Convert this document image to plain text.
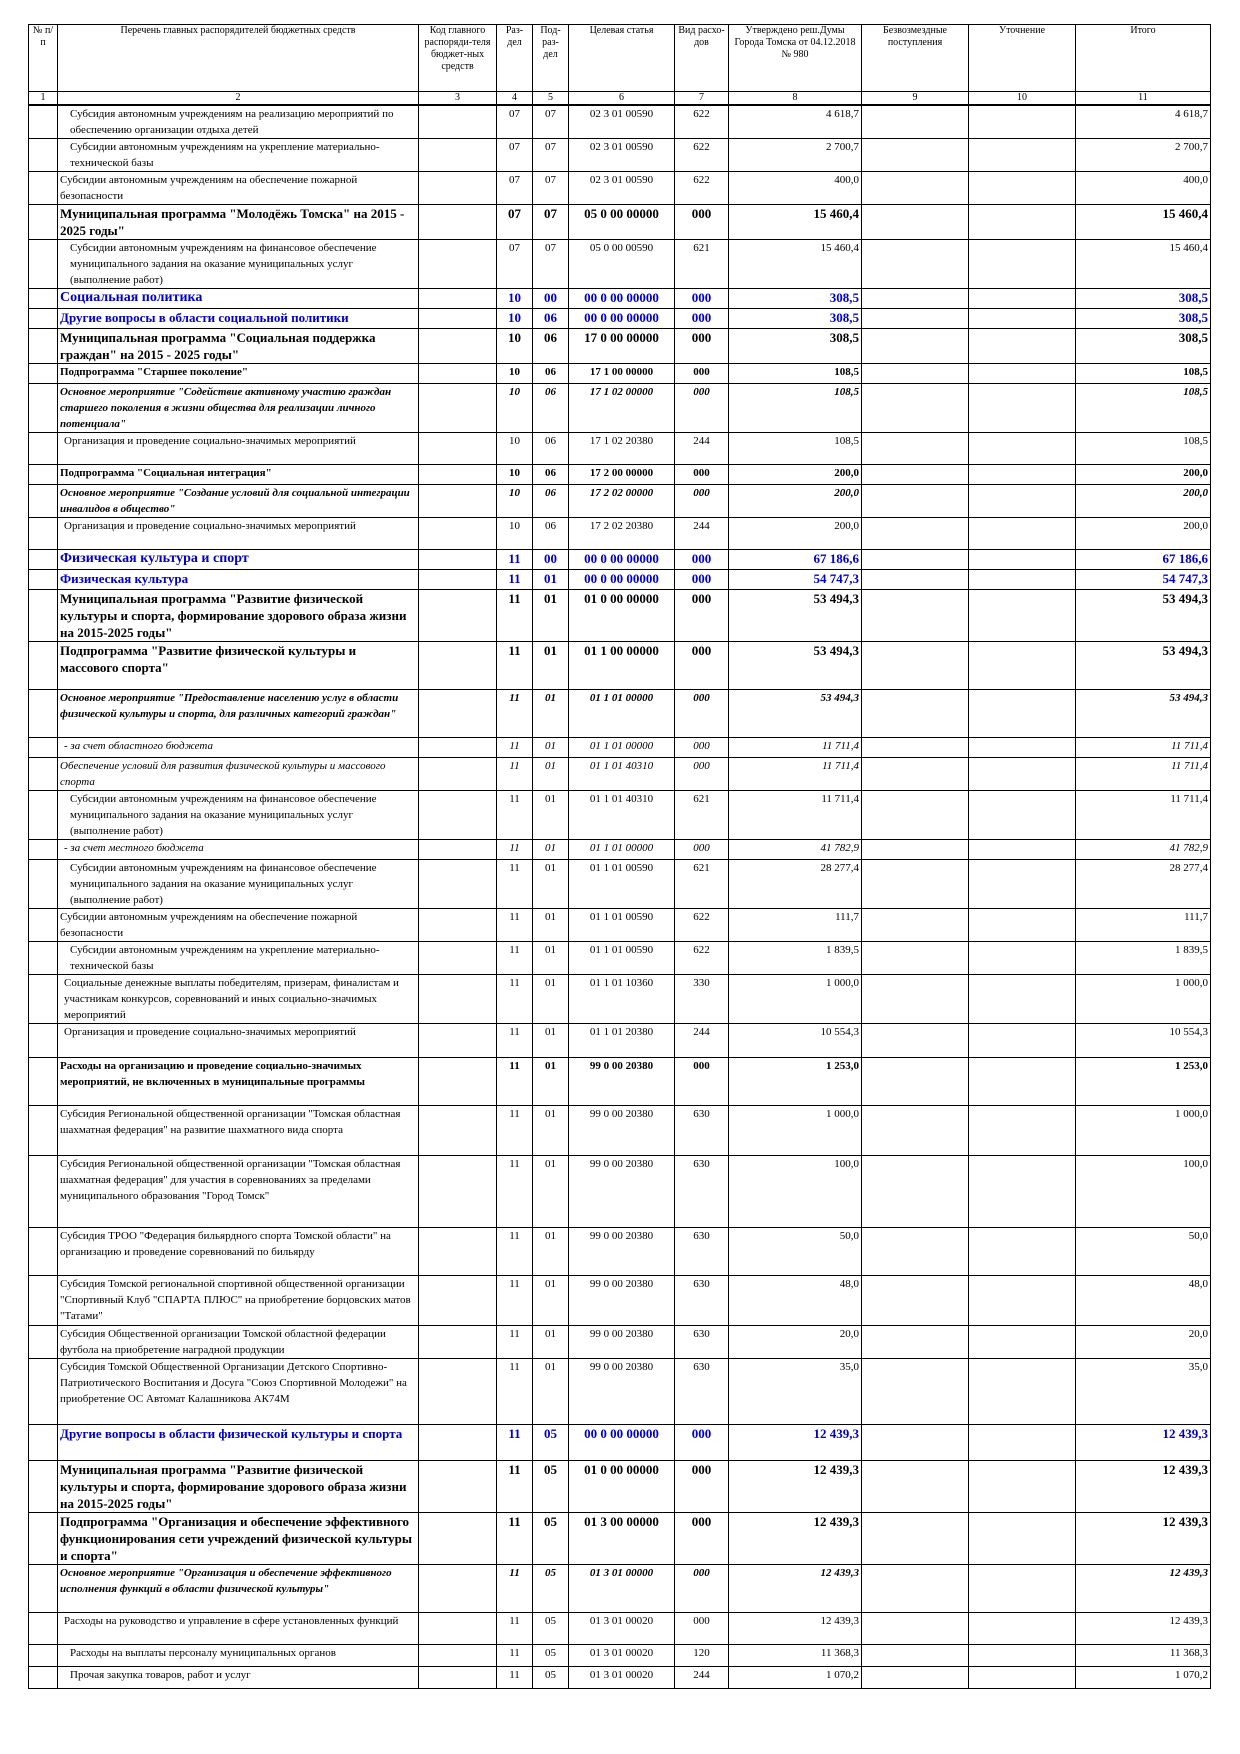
№ п/п	Перечень главных распорядителей бюджетных средств	Код главного распоряди-теля бюджет-ных средств	Раз-дел	Под-раз-дел	Целевая статья	Вид расхо-дов	Утверждено реш.Думы Города Томска от 04.12.2018 № 980	Безвозмездные поступления	Уточнение	Итого
1	2	3	4	5	6	7	8	9	10	11
	Субсидия автономным учреждениям на реализацию мероприятий по обеспечению организации отдыха детей		07	07	02 3 01 00590	622	4 618,7			4 618,7
	Субсидии автономным учреждениям на укрепление материально-технической базы		07	07	02 3 01 00590	622	2 700,7			2 700,7
	Субсидии автономным учреждениям на обеспечение пожарной безопасности		07	07	02 3 01 00590	622	400,0			400,0
	Муниципальная программа "Молодёжь Томска" на 2015 - 2025 годы"		07	07	05 0 00 00000	000	15 460,4			15 460,4
	Субсидии автономным учреждениям на финансовое обеспечение муниципального задания на оказание муниципальных услуг (выполнение работ)		07	07	05 0 00 00590	621	15 460,4			15 460,4
	Социальная политика		10	00	00 0 00 00000	000	308,5			308,5
	Другие вопросы в области социальной политики		10	06	00 0 00 00000	000	308,5			308,5
	Муниципальная программа "Социальная поддержка граждан" на 2015 - 2025 годы"		10	06	17 0 00 00000	000	308,5			308,5
	Подпрограмма "Старшее поколение"		10	06	17 1 00 00000	000	108,5			108,5
	Основное мероприятие "Содействие активному участию граждан старшего поколения в жизни общества для реализации личного потенциала"		10	06	17 1 02 00000	000	108,5			108,5
	Организация и проведение социально-значимых мероприятий		10	06	17 1 02 20380	244	108,5			108,5
	Подпрограмма "Социальная интеграция"		10	06	17 2 00 00000	000	200,0			200,0
	Основное мероприятие "Создание условий для социальной интеграции инвалидов в общество"		10	06	17 2 02 00000	000	200,0			200,0
	Организация и проведение социально-значимых мероприятий		10	06	17 2 02 20380	244	200,0			200,0
	Физическая культура и спорт		11	00	00 0 00 00000	000	67 186,6			67 186,6
	Физическая культура		11	01	00 0 00 00000	000	54 747,3			54 747,3
	Муниципальная программа "Развитие физической культуры и спорта, формирование здорового образа жизни на 2015-2025 годы"		11	01	01 0 00 00000	000	53 494,3			53 494,3
	Подпрограмма "Развитие физической культуры и массового спорта"		11	01	01 1 00 00000	000	53 494,3			53 494,3
	Основное мероприятие "Предоставление населению услуг в области физической культуры и спорта, для различных категорий граждан"		11	01	01 1 01 00000	000	53 494,3			53 494,3
	- за счет областного бюджета		11	01	01 1 01 00000	000	11 711,4			11 711,4
	Обеспечение условий для развития физической культуры и массового спорта		11	01	01 1 01 40310	000	11 711,4			11 711,4
	Субсидии автономным учреждениям на финансовое обеспечение муниципального задания на оказание муниципальных услуг (выполнение работ)		11	01	01 1 01 40310	621	11 711,4			11 711,4
	- за счет местного бюджета		11	01	01 1 01 00000	000	41 782,9			41 782,9
	Субсидии автономным учреждениям на финансовое обеспечение муниципального задания на оказание муниципальных услуг (выполнение работ)		11	01	01 1 01 00590	621	28 277,4			28 277,4
	Субсидии автономным учреждениям на обеспечение пожарной безопасности		11	01	01 1 01 00590	622	111,7			111,7
	Субсидии автономным учреждениям на укрепление материально-технической базы		11	01	01 1 01 00590	622	1 839,5			1 839,5
	Социальные денежные выплаты победителям, призерам, финалистам и участникам конкурсов, соревнований и иных социально-значимых мероприятий		11	01	01 1 01 10360	330	1 000,0			1 000,0
	Организация и проведение социально-значимых мероприятий		11	01	01 1 01 20380	244	10 554,3			10 554,3
	Расходы на организацию и проведение социально-значимых мероприятий, не включенных в муниципальные программы		11	01	99 0 00 20380	000	1 253,0			1 253,0
	Субсидия Региональной общественной организации "Томская областная шахматная федерация" на развитие шахматного вида спорта		11	01	99 0 00 20380	630	1 000,0			1 000,0
	Субсидия Региональной общественной организации "Томская областная шахматная федерация" для участия в соревнованиях за пределами муниципального образования "Город Томск"		11	01	99 0 00 20380	630	100,0			100,0
	Субсидия ТРОО "Федерация бильярдного спорта Томской области" на организацию и проведение соревнований по бильярду		11	01	99 0 00 20380	630	50,0			50,0
	Субсидия Томской региональной спортивной общественной организации "Спортивный Клуб "СПАРТА ПЛЮС" на приобретение борцовских матов "Татами"		11	01	99 0 00 20380	630	48,0			48,0
	Субсидия Общественной организации Томской областной федерации футбола на приобретение наградной продукции		11	01	99 0 00 20380	630	20,0			20,0
	Субсидия Томской Общественной Организации Детского Спортивно-Патриотического Воспитания и Досуга "Союз Спортивной Молодежи" на приобретение ОС Автомат Калашникова АК74М		11	01	99 0 00 20380	630	35,0			35,0
	Другие вопросы в области физической культуры и спорта		11	05	00 0 00 00000	000	12 439,3			12 439,3
	Муниципальная программа "Развитие физической культуры и спорта, формирование здорового образа жизни на 2015-2025 годы"		11	05	01 0 00 00000	000	12 439,3			12 439,3
	Подпрограмма "Организация и обеспечение эффективного функционирования сети учреждений физической культуры и спорта"		11	05	01 3 00 00000	000	12 439,3			12 439,3
	Основное мероприятие "Организация и обеспечение эффективного исполнения функций в области физической культуры"		11	05	01 3 01 00000	000	12 439,3			12 439,3
	Расходы на руководство и управление в сфере установленных функций		11	05	01 3 01 00020	000	12 439,3			12 439,3
	Расходы на выплаты персоналу муниципальных органов		11	05	01 3 01 00020	120	11 368,3			11 368,3
	Прочая закупка товаров, работ и услуг		11	05	01 3 01 00020	244	1 070,2			1 070,2
